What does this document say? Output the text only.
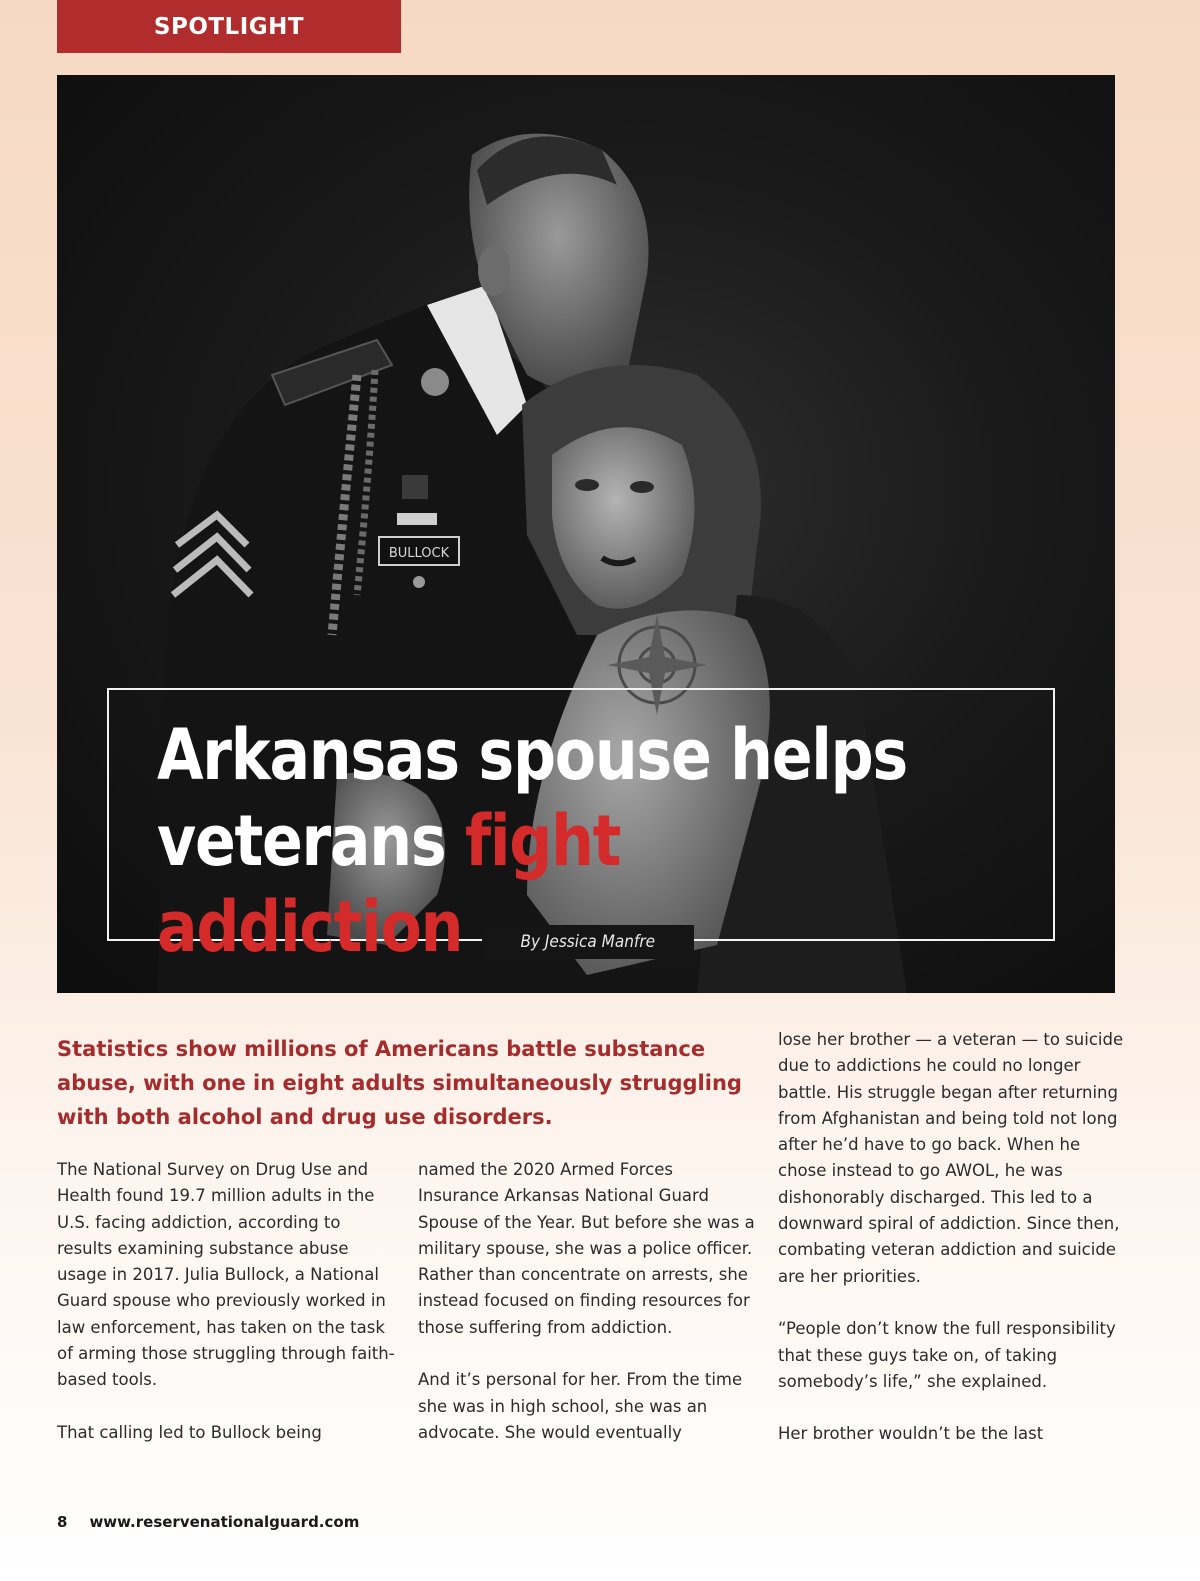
SPOTLIGHT
BULLOCK
Arkansas spouse helps
veterans fight addiction	By Jessica Manfre

Statistics show millions of Americans battle substance abuse, with one in eight adults simultaneously struggling with both alcohol and drug use disorders.

The National Survey on Drug Use and Health found 19.7 million adults in the U.S. facing addiction, according to results examining substance abuse usage in 2017. Julia Bullock, a National Guard spouse who previously worked in law enforcement, has taken on the task of arming those struggling through faith-based tools.

That calling led to Bullock being

named the 2020 Armed Forces Insurance Arkansas National Guard Spouse of the Year. But before she was a military spouse, she was a police officer. Rather than concentrate on arrests, she instead focused on finding resources for those suffering from addiction.

And it’s personal for her. From the time she was in high school, she was an advocate. She would eventually

lose her brother — a veteran — to suicide due to addictions he could no longer battle. His struggle began after returning from Afghanistan and being told not long after he’d have to go back. When he chose instead to go AWOL, he was dishonorably discharged. This led to a downward spiral of addiction. Since then, combating veteran addiction and suicide are her priorities.

“People don’t know the full responsibility that these guys take on, of taking somebody’s life,” she explained.

Her brother wouldn’t be the last

8 www.reservenationalguard.com
